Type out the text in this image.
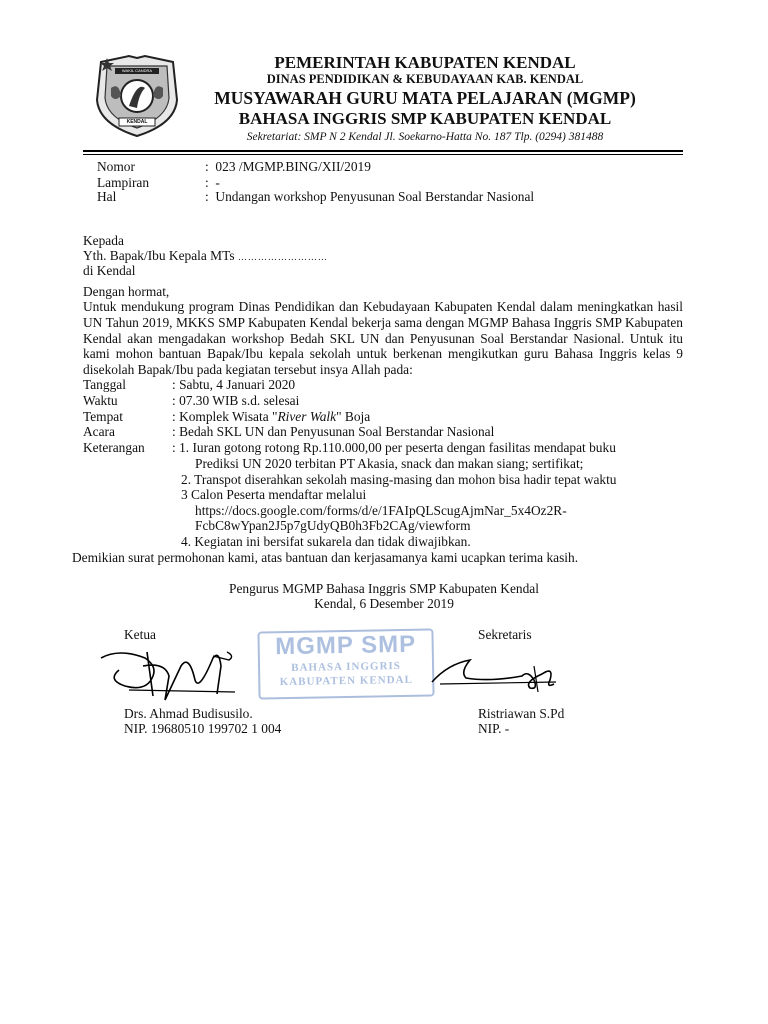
WAKIL CANDRA
KENDAL
PEMERINTAH KABUPATEN KENDAL
DINAS PENDIDIKAN & KEBUDAYAAN KAB. KENDAL
MUSYAWARAH GURU MATA PELAJARAN (MGMP)
BAHASA INGGRIS SMP KABUPATEN KENDAL
Sekretariat: SMP N 2 Kendal Jl. Soekarno-Hatta No. 187 Tlp. (0294) 381488
Nomor	:  023 /MGMP.BING/XII/2019
Lampiran	:  -
Hal	:  Undangan workshop Penyusunan Soal Berstandar Nasional
Kepada
Yth. Bapak/Ibu Kepala MTs ………………………
di Kendal
Dengan hormat,
Untuk mendukung program Dinas Pendidikan dan Kebudayaan Kabupaten Kendal dalam meningkatkan hasil UN Tahun 2019, MKKS SMP Kabupaten Kendal bekerja sama dengan MGMP Bahasa Inggris SMP Kabupaten Kendal akan mengadakan workshop Bedah SKL UN dan Penyusunan Soal Berstandar Nasional. Untuk itu kami mohon bantuan Bapak/Ibu kepala sekolah untuk berkenan mengikutkan guru Bahasa Inggris kelas 9 disekolah Bapak/Ibu pada kegiatan tersebut insya Allah pada:
Tanggal	: Sabtu, 4 Januari 2020
Waktu	: 07.30 WIB s.d. selesai
Tempat	: Komplek Wisata "River Walk" Boja
Acara	: Bedah SKL UN dan Penyusunan Soal Berstandar Nasional
Keterangan : 1. Iuran gotong rotong Rp.110.000,00 per peserta dengan fasilitas mendapat buku
Prediksi UN 2020 terbitan PT Akasia, snack dan makan siang; sertifikat;
2. Transpot diserahkan sekolah masing-masing dan mohon bisa hadir tepat waktu
3 Calon Peserta mendaftar melalui
https://docs.google.com/forms/d/e/1FAIpQLScugAjmNar_5x4Oz2R-
FcbC8wYpan2J5p7gUdyQB0h3Fb2CAg/viewform
4. Kegiatan ini bersifat sukarela dan tidak diwajibkan.
Demikian surat permohonan kami, atas bantuan dan kerjasamanya kami ucapkan terima kasih.
Pengurus MGMP Bahasa Inggris SMP Kabupaten Kendal
Kendal, 6 Desember 2019
Ketua	Sekretaris
MGMP SMP
BAHASA INGGRIS
KABUPATEN KENDAL
Drs. Ahmad Budisusilo.
NIP. 19680510 199702 1 004
Ristriawan S.Pd
NIP. -
